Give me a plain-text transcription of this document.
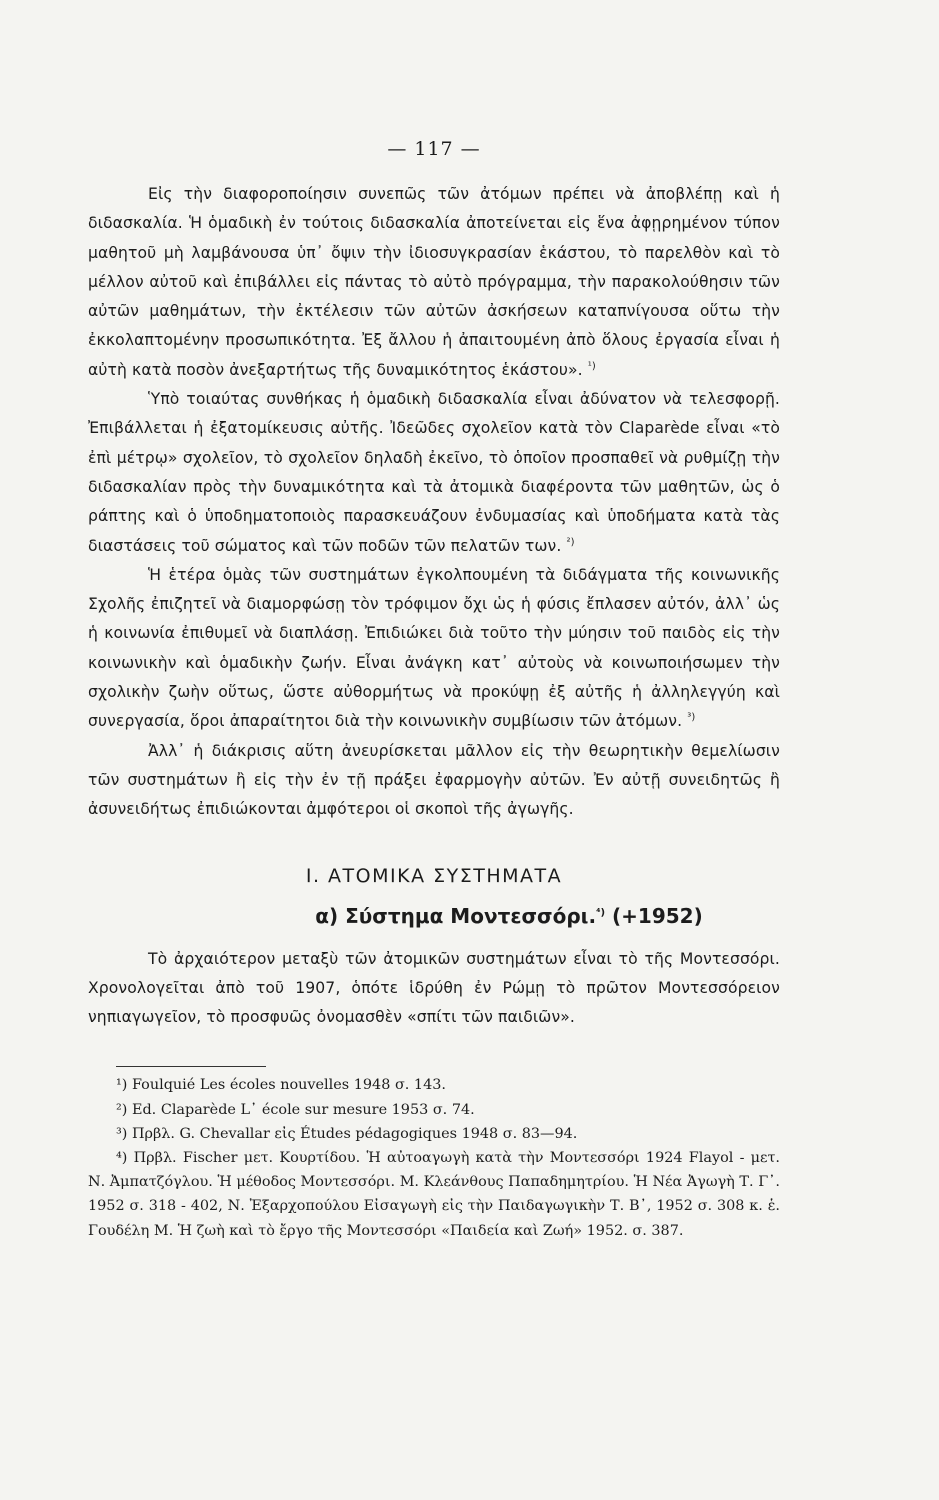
— 117 —

Εἰς τὴν διαφοροποίησιν συνεπῶς τῶν ἀτόμων πρέπει νὰ ἀποβλέπῃ καὶ ἡ διδασκαλία. Ἡ ὁμαδικὴ ἐν τούτοις διδασκαλία ἀποτείνεται εἰς ἕνα ἀφῃρημένον τύπον μαθητοῦ μὴ λαμβάνουσα ὑπ᾿ ὄψιν τὴν ἰδιοσυγκρασίαν ἑκάστου, τὸ παρελθὸν καὶ τὸ μέλλον αὐτοῦ καὶ ἐπιβάλλει εἰς πάντας τὸ αὐτὸ πρόγραμμα, τὴν παρακολούθησιν τῶν αὐτῶν μαθημάτων, τὴν ἐκτέλεσιν τῶν αὐτῶν ἀσκήσεων καταπνίγουσα οὕτω τὴν ἐκκολαπτομένην προσωπικότητα. Ἐξ ἄλλου ἡ ἀπαιτουμένη ἀπὸ ὅλους ἐργασία εἶναι ἡ αὐτὴ κατὰ ποσὸν ἀνεξαρτήτως τῆς δυναμικότητος ἑκάστου». $^{^1)}$

Ὑπὸ τοιαύτας συνθήκας ἡ ὁμαδικὴ διδασκαλία εἶναι ἀδύνατον νὰ τελεσφορῇ. Ἐπιβάλλεται ἡ ἐξατομίκευσις αὐτῆς. Ἰδεῶδες σχολεῖον κατὰ τὸν Claparède εἶναι «τὸ ἐπὶ μέτρῳ» σχολεῖον, τὸ σχολεῖον δηλαδὴ ἐκεῖνο, τὸ ὁποῖον προσπαθεῖ νὰ ρυθμίζῃ τὴν διδασκαλίαν πρὸς τὴν δυναμικότητα καὶ τὰ ἀτομικὰ διαφέροντα τῶν μαθητῶν, ὡς ὁ ράπτης καὶ ὁ ὑποδηματοποιὸς παρασκευάζουν ἐνδυμασίας καὶ ὑποδήματα κατὰ τὰς διαστάσεις τοῦ σώματος καὶ τῶν ποδῶν τῶν πελατῶν των. $^{^2)}$

Ἡ ἑτέρα ὁμὰς τῶν συστημάτων ἐγκολπουμένη τὰ διδάγματα τῆς κοινωνικῆς Σχολῆς ἐπιζητεῖ νὰ διαμορφώσῃ τὸν τρόφιμον ὄχι ὡς ἡ φύσις ἔπλασεν αὐτόν, ἀλλ᾿ ὡς ἡ κοινωνία ἐπιθυμεῖ νὰ διαπλάσῃ. Ἐπιδιώκει διὰ τοῦτο τὴν μύησιν τοῦ παιδὸς εἰς τὴν κοινωνικὴν καὶ ὁμαδικὴν ζωήν. Εἶναι ἀνάγκη κατ᾿ αὐτοὺς νὰ κοινωποιήσωμεν τὴν σχολικὴν ζωὴν οὕτως, ὥστε αὐθορμήτως νὰ προκύψῃ ἐξ αὐτῆς ἡ ἀλληλεγγύη καὶ συνεργασία, ὅροι ἀπαραίτητοι διὰ τὴν κοινωνικὴν συμβίωσιν τῶν ἀτόμων. $^{^3)}$

Ἀλλ᾿ ἡ διάκρισις αὕτη ἀνευρίσκεται μᾶλλον εἰς τὴν θεωρητικὴν θεμελίωσιν τῶν συστημάτων ἢ εἰς τὴν ἐν τῇ πράξει ἐφαρμογὴν αὐτῶν. Ἐν αὐτῇ συνειδητῶς ἢ ἀσυνειδήτως ἐπιδιώκονται ἀμφότεροι οἱ σκοποὶ τῆς ἀγωγῆς.

Ι. ΑΤΟΜΙΚΑ ΣΥΣΤΗΜΑΤΑ
α) Σύστημα Μοντεσσόρι.$^{^4)}$ (+1952)

Τὸ ἀρχαιότερον μεταξὺ τῶν ἀτομικῶν συστημάτων εἶναι τὸ τῆς Μοντεσσόρι. Χρονολογεῖται ἀπὸ τοῦ 1907, ὁπότε ἱδρύθη ἐν Ρώμῃ τὸ πρῶτον Μοντεσσόρειον νηπιαγωγεῖον, τὸ προσφυῶς ὀνομασθὲν «σπίτι τῶν παιδιῶν».

¹) Foulquié Les écoles nouvelles 1948 σ. 143.

²) Ed. Claparède L᾿ école sur mesure 1953 σ. 74.

³) Πρβλ. G. Chevallar εἰς Études pédagogiques 1948 σ. 83—94.

⁴) Πρβλ. Fischer μετ. Κουρτίδου. Ἡ αὐτοαγωγὴ κατὰ τὴν Μοντεσσόρι 1924 Flayol - μετ. Ν. Ἀμπατζόγλου. Ἡ μέθοδος Μοντεσσόρι. Μ. Κλεάνθους Παπαδημητρίου. Ἡ Νέα Ἀγωγὴ Τ. Γ᾿. 1952 σ. 318 - 402, Ν. Ἐξαρχοπούλου Εἰσαγωγὴ εἰς τὴν Παιδαγωγικὴν Τ. Β᾿, 1952 σ. 308 κ. ἑ. Γουδέλη Μ. Ἡ ζωὴ καὶ τὸ ἔργο τῆς Μοντεσσόρι «Παιδεία καὶ Ζωή» 1952. σ. 387.
